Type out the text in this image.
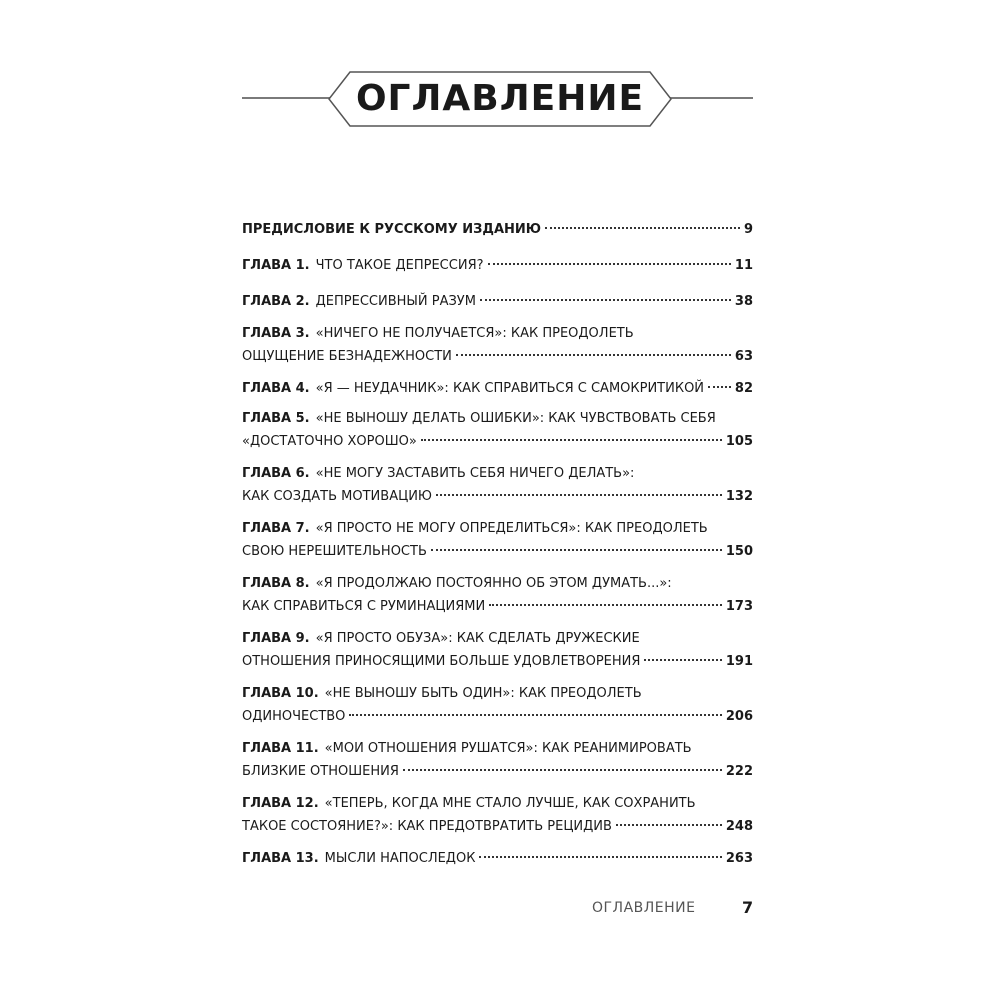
ОГЛАВЛЕНИЕ
ПРЕДИСЛОВИЕ К РУССКОМУ ИЗДАНИЮ	9
ГЛАВА 1. ЧТО ТАКОЕ ДЕПРЕССИЯ?	11
ГЛАВА 2. ДЕПРЕССИВНЫЙ РАЗУМ	38
ГЛАВА 3. «НИЧЕГО НЕ ПОЛУЧАЕТСЯ»: КАК ПРЕОДОЛЕТЬ
ОЩУЩЕНИЕ БЕЗНАДЕЖНОСТИ	63
ГЛАВА 4. «Я — НЕУДАЧНИК»: КАК СПРАВИТЬСЯ С САМОКРИТИКОЙ 82
ГЛАВА 5. «НЕ ВЫНОШУ ДЕЛАТЬ ОШИБКИ»: КАК ЧУВСТВОВАТЬ СЕБЯ
«ДОСТАТОЧНО ХОРОШО»	105
ГЛАВА 6. «НЕ МОГУ ЗАСТАВИТЬ СЕБЯ НИЧЕГО ДЕЛАТЬ»:
КАК СОЗДАТЬ МОТИВАЦИЮ	132
ГЛАВА 7. «Я ПРОСТО НЕ МОГУ ОПРЕДЕЛИТЬСЯ»: КАК ПРЕОДОЛЕТЬ
СВОЮ НЕРЕШИТЕЛЬНОСТЬ	150
ГЛАВА 8. «Я ПРОДОЛЖАЮ ПОСТОЯННО ОБ ЭТОМ ДУМАТЬ...»:
КАК СПРАВИТЬСЯ С РУМИНАЦИЯМИ	173
ГЛАВА 9. «Я ПРОСТО ОБУЗА»: КАК СДЕЛАТЬ ДРУЖЕСКИЕ
ОТНОШЕНИЯ ПРИНОСЯЩИМИ БОЛЬШЕ УДОВЛЕТВОРЕНИЯ	191
ГЛАВА 10. «НЕ ВЫНОШУ БЫТЬ ОДИН»: КАК ПРЕОДОЛЕТЬ
ОДИНОЧЕСТВО	206
ГЛАВА 11. «МОИ ОТНОШЕНИЯ РУШАТСЯ»: КАК РЕАНИМИРОВАТЬ
БЛИЗКИЕ ОТНОШЕНИЯ	222
ГЛАВА 12. «ТЕПЕРЬ, КОГДА МНЕ СТАЛО ЛУЧШЕ, КАК СОХРАНИТЬ
ТАКОЕ СОСТОЯНИЕ?»: КАК ПРЕДОТВРАТИТЬ РЕЦИДИВ	248
ГЛАВА 13. МЫСЛИ НАПОСЛЕДОК	263
ОГЛАВЛЕНИЕ	7
